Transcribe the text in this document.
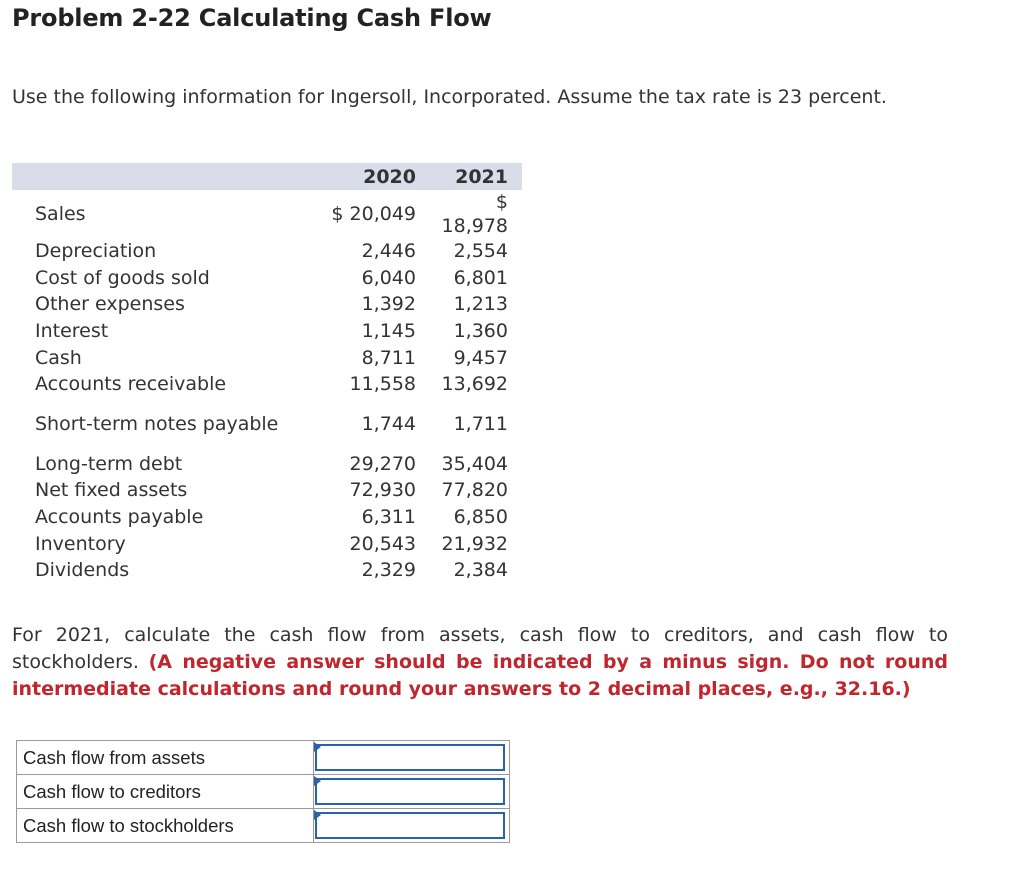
Problem 2-22 Calculating Cash Flow

Use the following information for Ingersoll, Incorporated. Assume the tax rate is 23 percent.

	2020	2021
Sales	$ 20,049	$ 18,978
Depreciation	2,446	2,554
Cost of goods sold	6,040	6,801
Other expenses	1,392	1,213
Interest	1,145	1,360
Cash	8,711	9,457
Accounts receivable	11,558	13,692
Short-term notes payable	1,744	1,711
Long-term debt	29,270	35,404
Net fixed assets	72,930	77,820
Accounts payable	6,311	6,850
Inventory	20,543	21,932
Dividends	2,329	2,384

For 2021, calculate the cash flow from assets, cash flow to creditors, and cash flow to stockholders. (A negative answer should be indicated by a minus sign. Do not round intermediate calculations and round your answers to 2 decimal places, e.g., 32.16.)

Cash flow from assets	

Cash flow to creditors	

Cash flow to stockholders	
